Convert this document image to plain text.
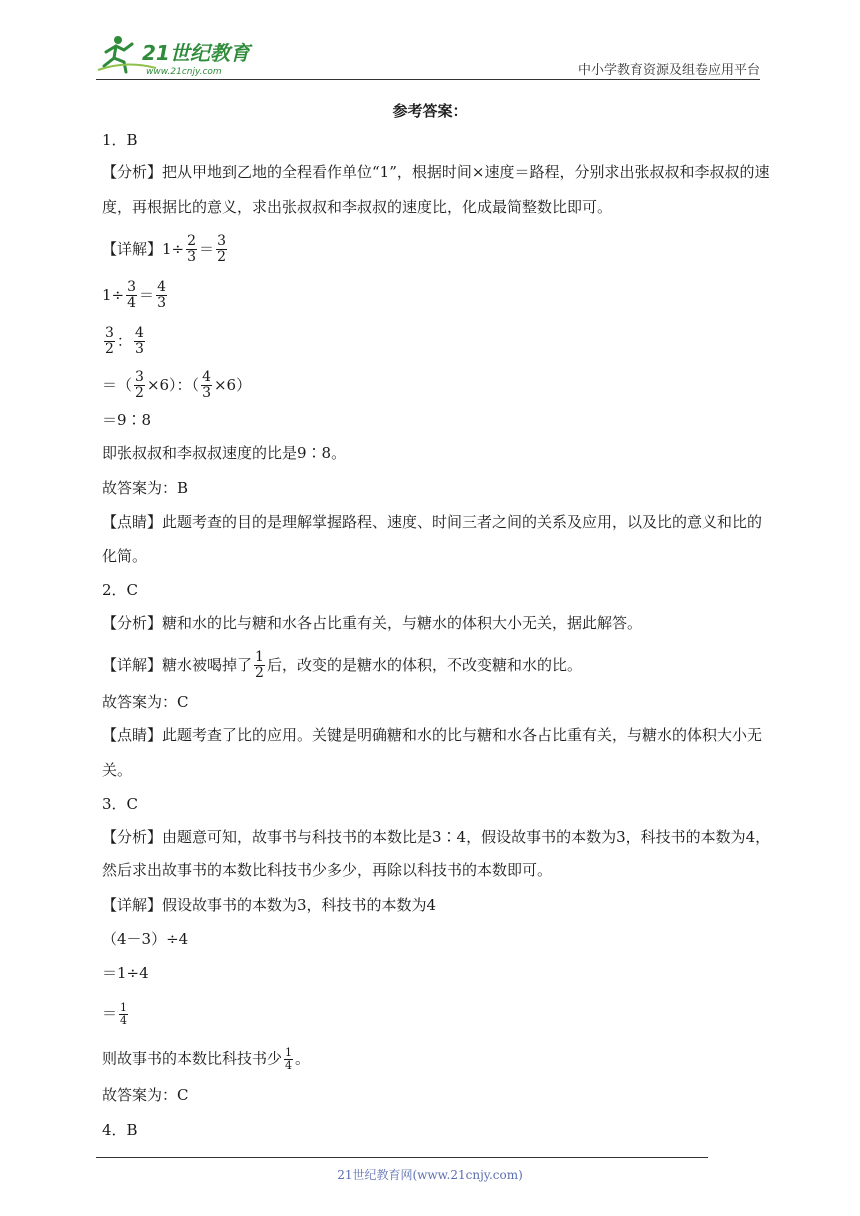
21世纪教育
www.21cnjy.com	中小学教育资源及组卷应用平台
参考答案：
1．B
【分析】把从甲地到乙地的全程看作单位“1”，根据时间×速度＝路程，分别求出张叔叔和李叔叔的速
度，再根据比的意义，求出张叔叔和李叔叔的速度比，化成最简整数比即可。
【详解】$1\div \frac{2}{3} = \frac{3}{2}$
$1\div \frac{3}{4} = \frac{4}{3}$
$\frac{3}{2}$ ： $\frac{4}{3}$
＝（ $\frac{3}{2} \times 6$）：（ $\frac{4}{3} \times 6$）
＝9∶8
即张叔叔和李叔叔速度的比是9∶8。
故答案为：B
【点睛】此题考查的目的是理解掌握路程、速度、时间三者之间的关系及应用，以及比的意义和比的
化简。
2．C
【分析】糖和水的比与糖和水各占比重有关，与糖水的体积大小无关，据此解答。
【详解】糖水被喝掉了 $\frac{1}{2}$ 后，改变的是糖水的体积，不改变糖和水的比。
故答案为：C
【点睛】此题考查了比的应用。关键是明确糖和水的比与糖和水各占比重有关，与糖水的体积大小无
关。
3．C
【分析】由题意可知，故事书与科技书的本数比是3∶4，假设故事书的本数为3，科技书的本数为4，
然后求出故事书的本数比科技书少多少，再除以科技书的本数即可。
【详解】假设故事书的本数为3，科技书的本数为4
（4－3）÷4
＝1÷4
＝ $\frac{1}{4}$
则故事书的本数比科技书少 $\frac{1}{4}$ 。
故答案为：C
4．B
21世纪教育网(www.21cnjy.com)
